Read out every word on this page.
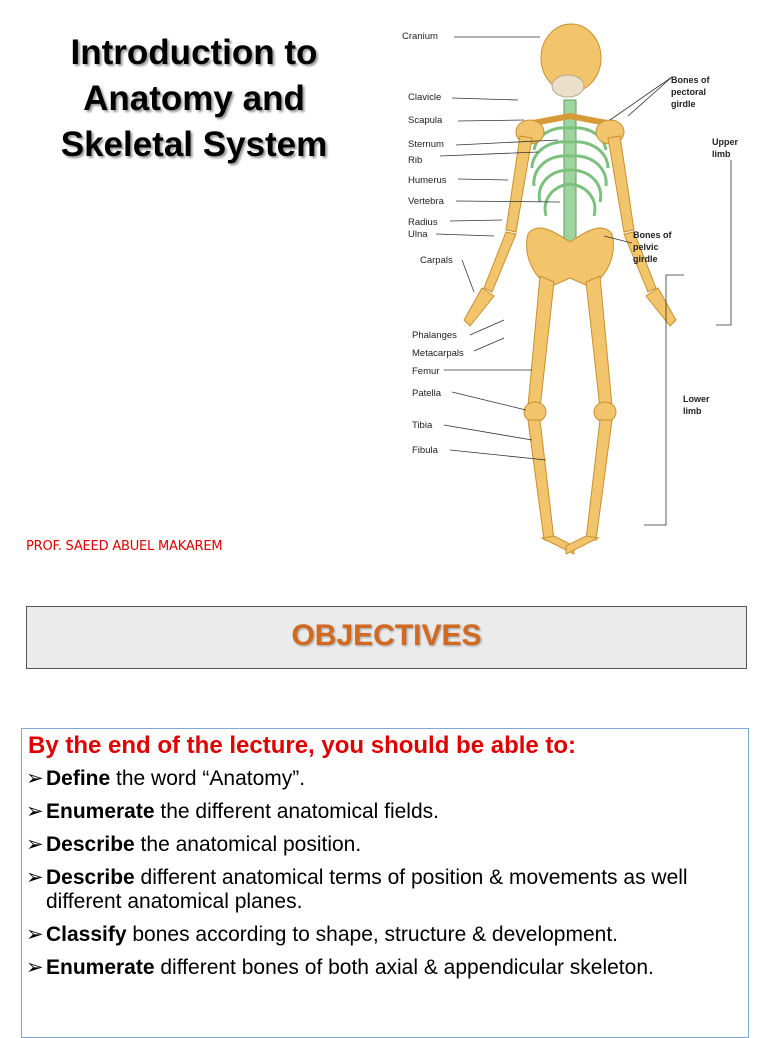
Introduction to
Anatomy and
Skeletal System
Cranium
Clavicle
Scapula
Sternum
Rib
Humerus
Vertebra
Radius
Ulna
Carpals
Phalanges
Metacarpals
Femur
Patella
Tibia
Fibula
Bones of
pectoral
girdle
Upper
limb
Bones of
pelvic
girdle
Lower
limb
PROF. SAEED ABUEL MAKAREM
OBJECTIVES
By the end of the lecture, you should be able to:
➢ Define the word “Anatomy”.
➢ Enumerate the different anatomical fields.
➢ Describe the anatomical position.
➢ Describe different anatomical terms of position & movements as well different anatomical planes.
➢ Classify bones according to shape, structure & development.
➢ Enumerate different bones of both axial & appendicular skeleton.
